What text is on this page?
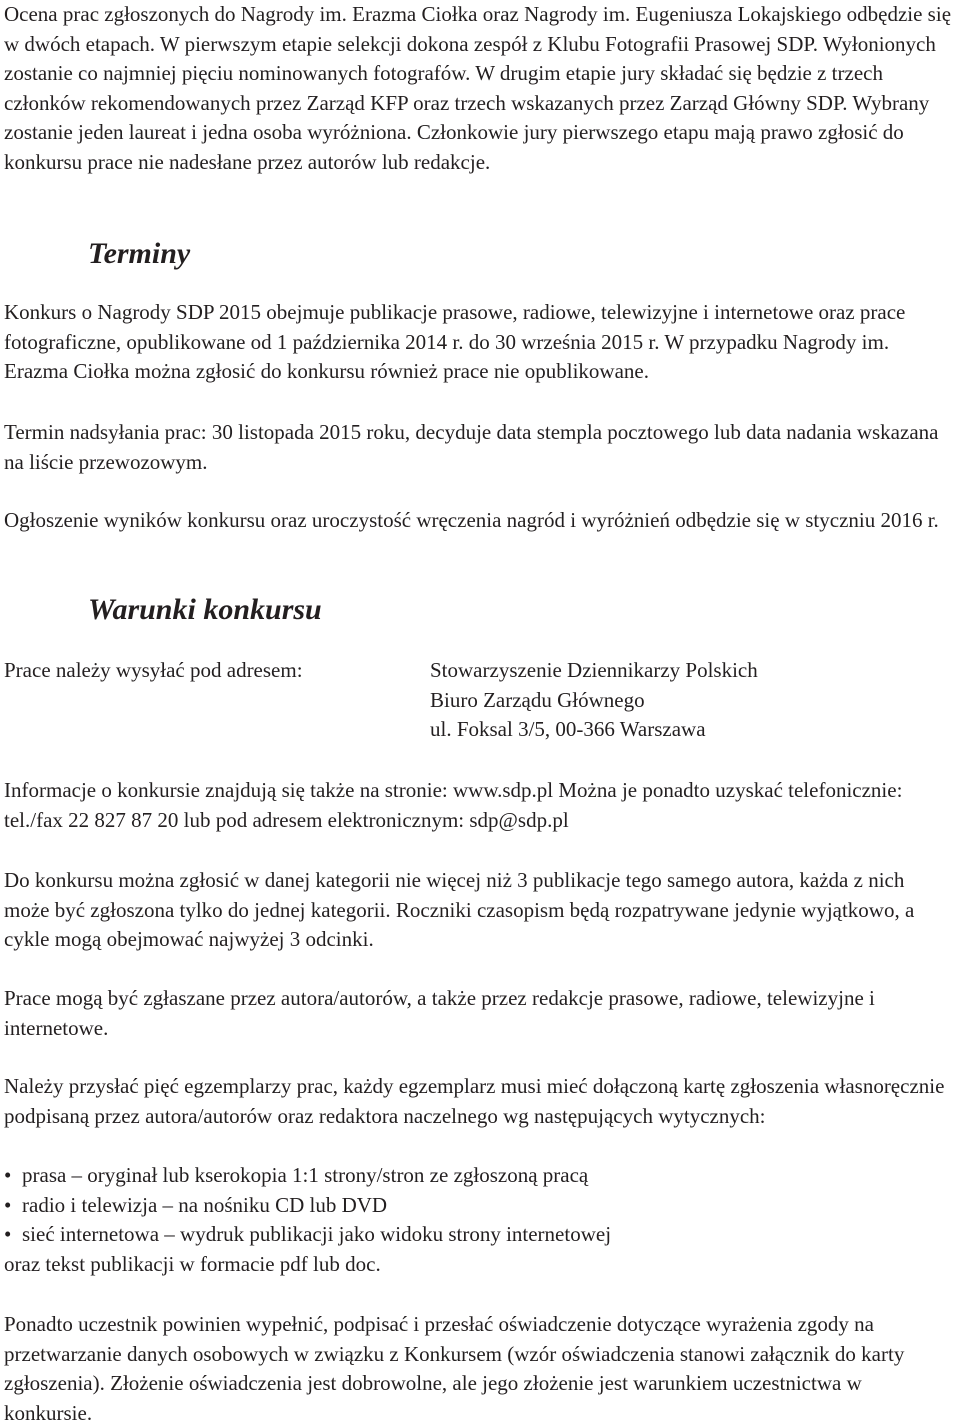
Ocena prac zgłoszonych do Nagrody im. Erazma Ciołka oraz Nagrody im. Eugeniusza Lokajskiego odbędzie się w dwóch etapach. W pierwszym etapie selekcji dokona zespół z Klubu Fotografii Prasowej SDP. Wyłonionych zostanie co najmniej pięciu nominowanych fotografów. W drugim etapie jury składać się będzie z trzech członków rekomendowanych przez Zarząd KFP oraz trzech wskazanych przez Zarząd Główny SDP. Wybrany zostanie jeden laureat i jedna osoba wyróżniona. Członkowie jury pierwszego etapu mają prawo zgłosić do konkursu prace nie nadesłane przez autorów lub redakcje.

Terminy

Konkurs o Nagrody SDP 2015 obejmuje publikacje prasowe, radiowe, telewizyjne i internetowe oraz prace fotograficzne, opublikowane od 1 października 2014 r. do 30 września 2015 r. W przypadku Nagrody im. Erazma Ciołka można zgłosić do konkursu również prace nie opublikowane.

Termin nadsyłania prac: 30 listopada 2015 roku, decyduje data stempla pocztowego lub data nadania wskazana na liście przewozowym.

Ogłoszenie wyników konkursu oraz uroczystość wręczenia nagród i wyróżnień odbędzie się w styczniu 2016 r.

Warunki konkursu
Prace należy wysyłać pod adresem:	Stowarzyszenie Dziennikarzy Polskich
Biuro Zarządu Głównego
ul. Foksal 3/5, 00-366 Warszawa

Informacje o konkursie znajdują się także na stronie: www.sdp.pl Można je ponadto uzyskać telefonicznie: tel./fax 22 827 87 20 lub pod adresem elektronicznym: sdp@sdp.pl

Do konkursu można zgłosić w danej kategorii nie więcej niż 3 publikacje tego samego autora, każda z nich może być zgłoszona tylko do jednej kategorii. Roczniki czasopism będą rozpatrywane jedynie wyjątkowo, a cykle mogą obejmować najwyżej 3 odcinki.

Prace mogą być zgłaszane przez autora/autorów, a także przez redakcje prasowe, radiowe, telewizyjne i internetowe.

Należy przysłać pięć egzemplarzy prac, każdy egzemplarz musi mieć dołączoną kartę zgłoszenia własnoręcznie podpisaną przez autora/autorów oraz redaktora naczelnego wg następujących wytycznych:

• prasa – oryginał lub kserokopia 1:1 strony/stron ze zgłoszoną pracą
• radio i telewizja – na nośniku CD lub DVD
• sieć internetowa – wydruk publikacji jako widoku strony internetowej
oraz tekst publikacji w formacie pdf lub doc.

Ponadto uczestnik powinien wypełnić, podpisać i przesłać oświadczenie dotyczące wyrażenia zgody na przetwarzanie danych osobowych w związku z Konkursem (wzór oświadczenia stanowi załącznik do karty zgłoszenia). Złożenie oświadczenia jest dobrowolne, ale jego złożenie jest warunkiem uczestnictwa w konkursie.
